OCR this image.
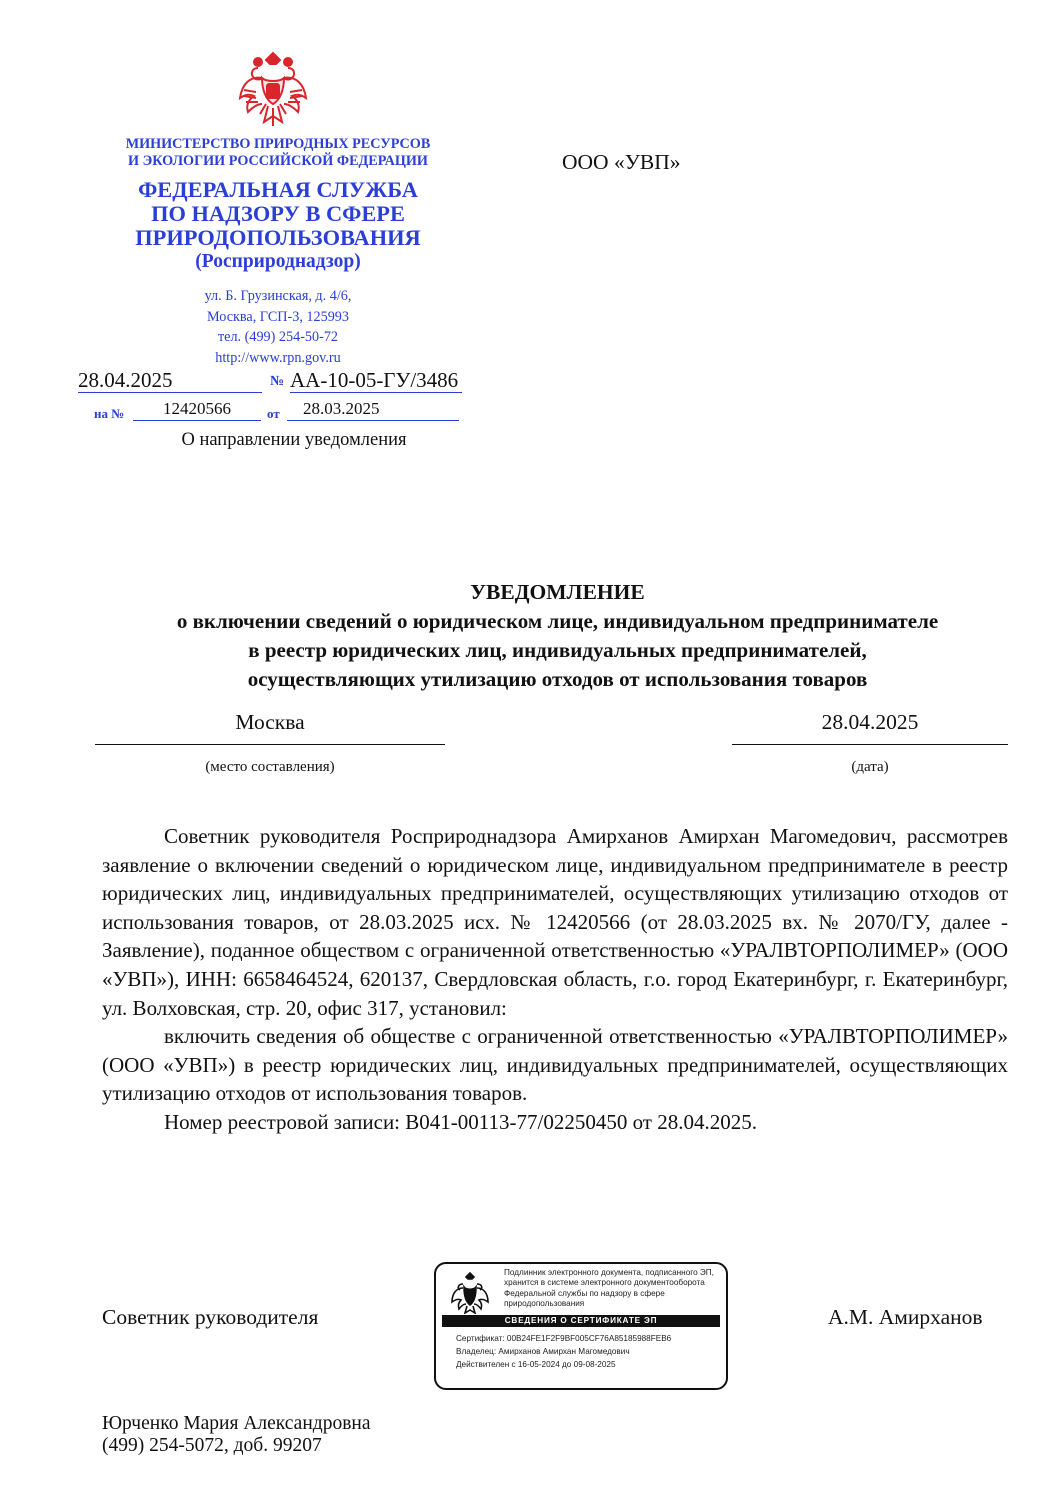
МИНИСТЕРСТВО ПРИРОДНЫХ РЕСУРСОВ
И ЭКОЛОГИИ РОССИЙСКОЙ ФЕДЕРАЦИИ
ФЕДЕРАЛЬНАЯ СЛУЖБА
ПО НАДЗОРУ В СФЕРЕ
ПРИРОДОПОЛЬЗОВАНИЯ
(Росприроднадзор)
ул. Б. Грузинская, д. 4/6,
Москва, ГСП-3, 125993
тел. (499) 254-50-72
http://www.rpn.gov.ru
28.04.2025	№ АА-10-05-ГУ/3486
на №	12420566	от	28.03.2025
О направлении уведомления
ООО «УВП»
УВЕДОМЛЕНИЕ
о включении сведений о юридическом лице, индивидуальном предпринимателе
в реестр юридических лиц, индивидуальных предпринимателей,
осуществляющих утилизацию отходов от использования товаров
Москва
(место составления)
28.04.2025
(дата)

Советник руководителя Росприроднадзора Амирханов Амирхан Магомедович, рассмотрев заявление о включении сведений о юридическом лице, индивидуальном предпринимателе в реестр юридических лиц, индивидуальных предпринимателей, осуществляющих утилизацию отходов от использования товаров, от 28.03.2025 исх. № 12420566 (от 28.03.2025 вх. № 2070/ГУ, далее - Заявление), поданное обществом с ограниченной ответственностью «УРАЛВТОРПОЛИМЕР» (ООО «УВП»), ИНН: 6658464524, 620137, Свердловская область, г.о. город Екатеринбург, г. Екатеринбург, ул. Волховская, стр. 20, офис 317, установил:

включить сведения об обществе с ограниченной ответственностью «УРАЛВТОРПОЛИМЕР» (ООО «УВП») в реестр юридических лиц, индивидуальных предпринимателей, осуществляющих утилизацию отходов от использования товаров.

Номер реестровой записи: В041-00113-77/02250450 от 28.04.2025.

Советник руководителя	А.М. Амирханов
Подлинник электронного документа, подписанного ЭП,
хранится в системе электронного документооборота
Федеральной службы по надзору в сфере
природопользования
СВЕДЕНИЯ О СЕРТИФИКАТЕ ЭП
Сертификат: 00B24FE1F2F9BF005CF76A85185988FEB6
Владелец: Амирханов Амирхан Магомедович
Действителен с 16-05-2024 до 09-08-2025
Юрченко Мария Александровна
(499) 254-5072, доб. 99207
